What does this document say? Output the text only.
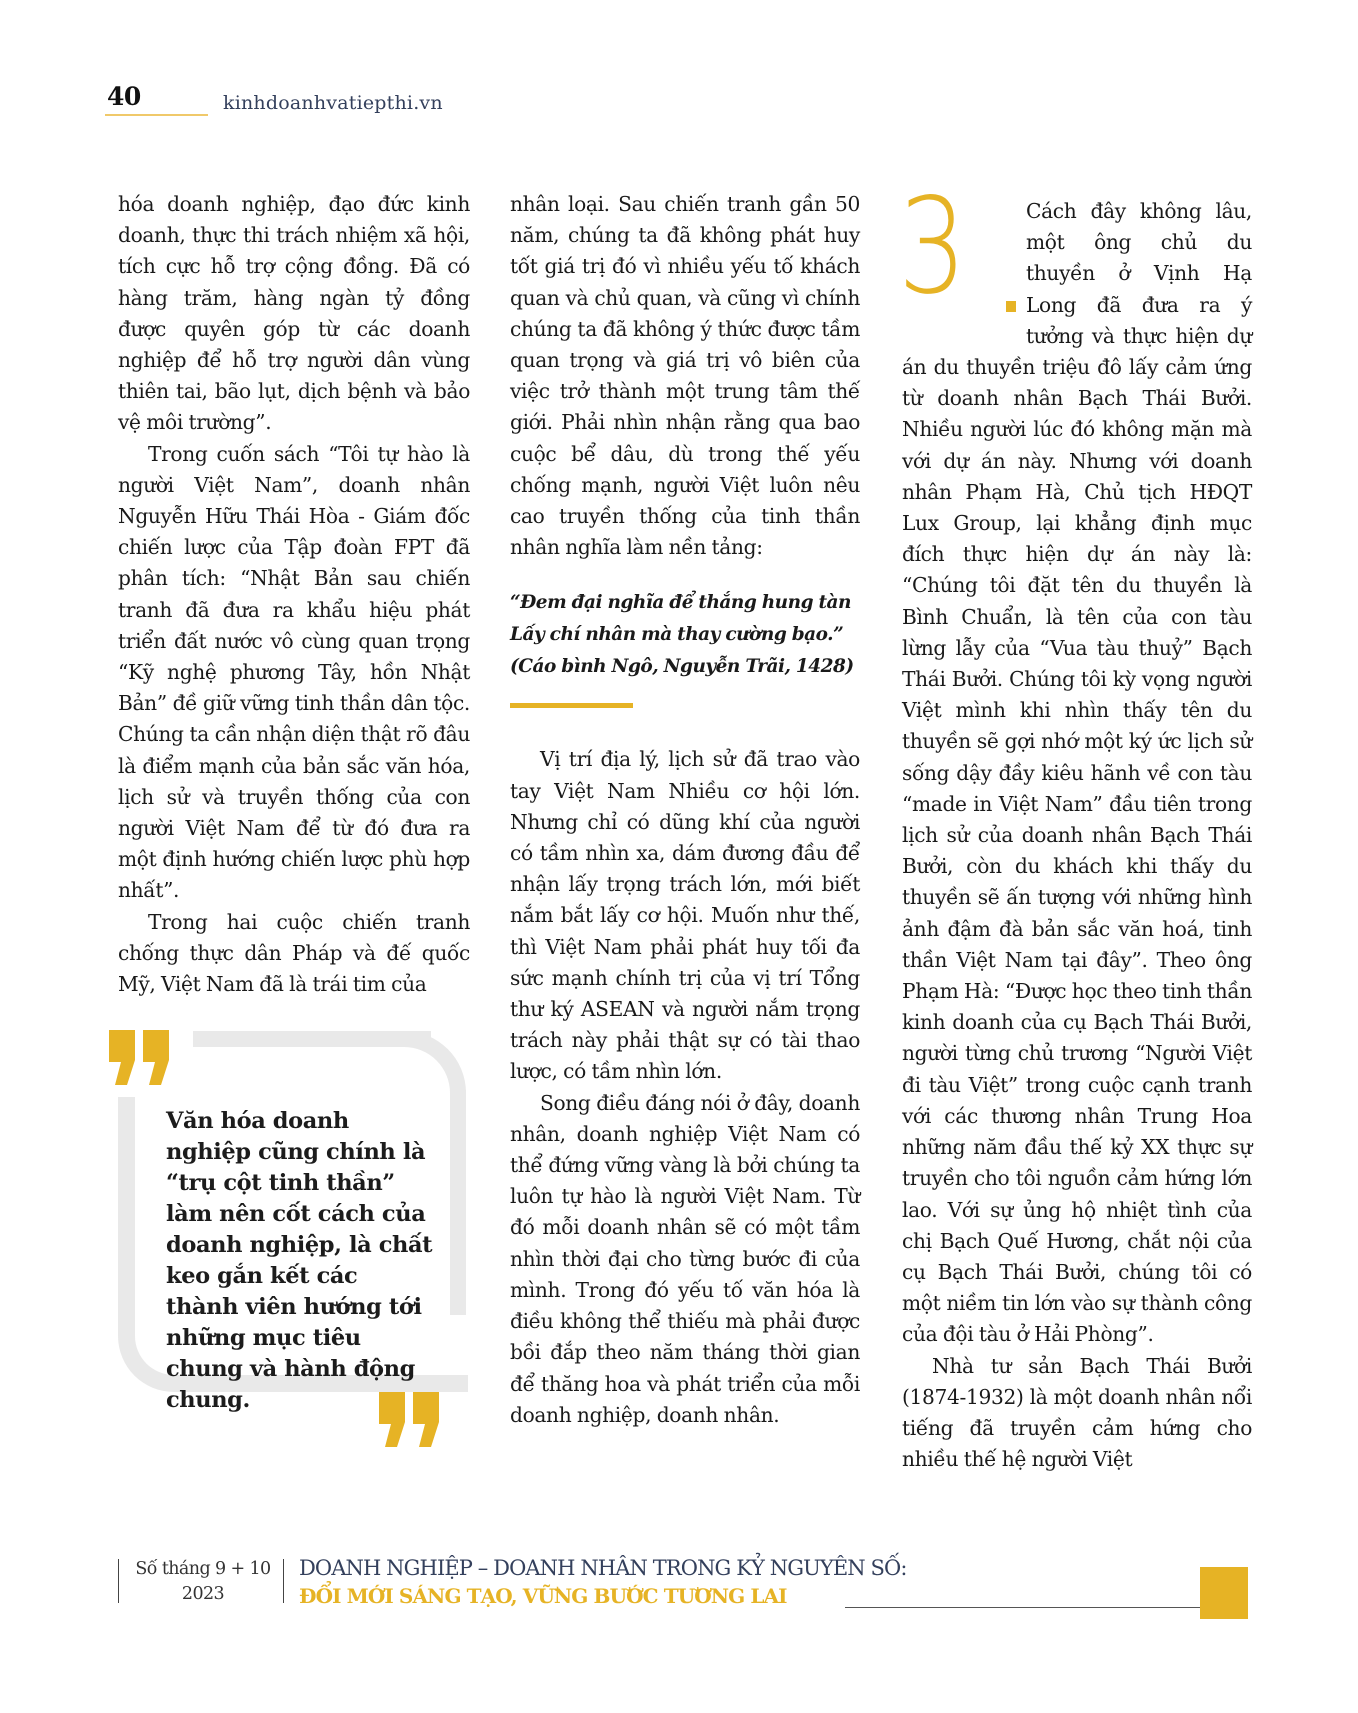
40	kinhdoanhvatiepthi.vn

hóa doanh nghiệp, đạo đức kinh doanh, thực thi trách nhiệm xã hội, tích cực hỗ trợ cộng đồng. Đã có hàng trăm, hàng ngàn tỷ đồng được quyên góp từ các doanh nghiệp để hỗ trợ người dân vùng thiên tai, bão lụt, dịch bệnh và bảo vệ môi trường”.

Trong cuốn sách “Tôi tự hào là người Việt Nam”, doanh nhân Nguyễn Hữu Thái Hòa - Giám đốc chiến lược của Tập đoàn FPT đã phân tích: “Nhật Bản sau chiến tranh đã đưa ra khẩu hiệu phát triển đất nước vô cùng quan trọng “Kỹ nghệ phương Tây, hồn Nhật Bản” đề giữ vững tinh thần dân tộc. Chúng ta cần nhận diện thật rõ đâu là điểm mạnh của bản sắc văn hóa, lịch sử và truyền thống của con người Việt Nam để từ đó đưa ra một định hướng chiến lược phù hợp nhất”.

Trong hai cuộc chiến tranh chống thực dân Pháp và đế quốc Mỹ, Việt Nam đã là trái tim của

Văn hóa doanh nghiệp cũng chính là “trụ cột tinh thần” làm nên cốt cách của doanh nghiệp, là chất keo gắn kết các thành viên hướng tới những mục tiêu chung và hành động chung.

nhân loại. Sau chiến tranh gần 50 năm, chúng ta đã không phát huy tốt giá trị đó vì nhiều yếu tố khách quan và chủ quan, và cũng vì chính chúng ta đã không ý thức được tầm quan trọng và giá trị vô biên của việc trở thành một trung tâm thế giới. Phải nhìn nhận rằng qua bao cuộc bể dâu, dù trong thế yếu chống mạnh, người Việt luôn nêu cao truyền thống của tinh thần nhân nghĩa làm nền tảng:

“Đem đại nghĩa để thắng hung tàn
Lấy chí nhân mà thay cường bạo.”
(Cáo bình Ngô, Nguyễn Trãi, 1428)

Vị trí địa lý, lịch sử đã trao vào tay Việt Nam Nhiều cơ hội lớn. Nhưng chỉ có dũng khí của người có tầm nhìn xa, dám đương đầu để nhận lấy trọng trách lớn, mới biết nắm bắt lấy cơ hội. Muốn như thế, thì Việt Nam phải phát huy tối đa sức mạnh chính trị của vị trí Tổng thư ký ASEAN và người nắm trọng trách này phải thật sự có tài thao lược, có tầm nhìn lớn.

Song điều đáng nói ở đây, doanh nhân, doanh nghiệp Việt Nam có thể đứng vững vàng là bởi chúng ta luôn tự hào là người Việt Nam. Từ đó mỗi doanh nhân sẽ có một tầm nhìn thời đại cho từng bước đi của mình. Trong đó yếu tố văn hóa là điều không thể thiếu mà phải được bồi đắp theo năm tháng thời gian để thăng hoa và phát triển của mỗi doanh nghiệp, doanh nhân.

3	Cách đây không lâu, một ông chủ du thuyền ở Vịnh Hạ Long đã đưa ra ý tưởng và thực hiện dự án du thuyền triệu đô lấy cảm ứng từ doanh nhân Bạch Thái Bưởi. Nhiều người lúc đó không mặn mà với dự án này. Nhưng với doanh nhân Phạm Hà, Chủ tịch HĐQT Lux Group, lại khẳng định mục đích thực hiện dự án này là: “Chúng tôi đặt tên du thuyền là Bình Chuẩn, là tên của con tàu lừng lẫy của “Vua tàu thuỷ” Bạch Thái Bưởi. Chúng tôi kỳ vọng người Việt mình khi nhìn thấy tên du thuyền sẽ gợi nhớ một ký ức lịch sử sống dậy đầy kiêu hãnh về con tàu “made in Việt Nam” đầu tiên trong lịch sử của doanh nhân Bạch Thái Bưởi, còn du khách khi thấy du thuyền sẽ ấn tượng với những hình ảnh đậm đà bản sắc văn hoá, tinh thần Việt Nam tại đây”. Theo ông Phạm Hà: “Được học theo tinh thần kinh doanh của cụ Bạch Thái Bưởi, người từng chủ trương “Người Việt đi tàu Việt” trong cuộc cạnh tranh với các thương nhân Trung Hoa những năm đầu thế kỷ XX thực sự truyền cho tôi nguồn cảm hứng lớn lao. Với sự ủng hộ nhiệt tình của chị Bạch Quế Hương, chắt nội của cụ Bạch Thái Bưởi, chúng tôi có một niềm tin lớn vào sự thành công của đội tàu ở Hải Phòng”.

Nhà tư sản Bạch Thái Bưởi (1874-1932) là một doanh nhân nổi tiếng đã truyền cảm hứng cho nhiều thế hệ người Việt

Số tháng 9 + 10
2023
DOANH NGHIỆP – DOANH NHÂN TRONG KỶ NGUYÊN SỐ:
ĐỔI MỚI SÁNG TẠO, VỮNG BƯỚC TƯƠNG LAI
